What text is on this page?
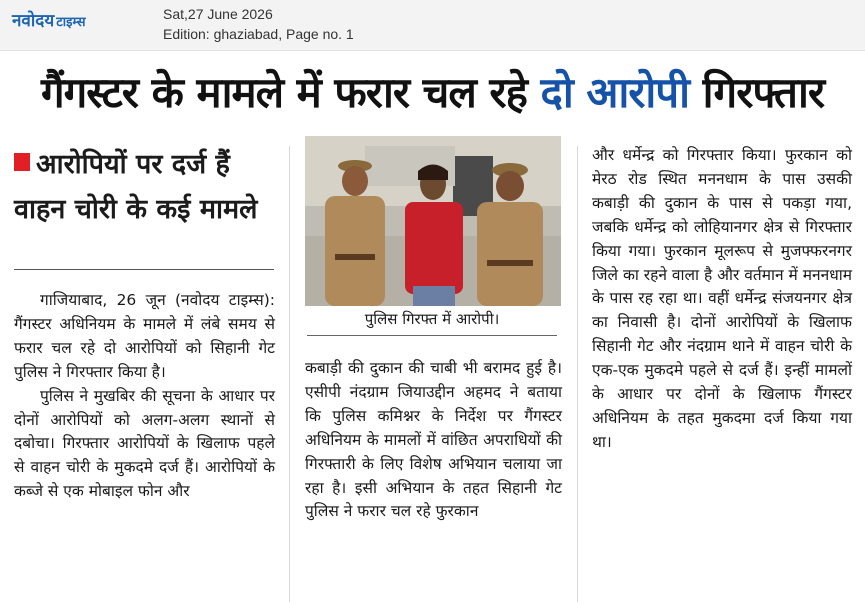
नवोदय टाइम्स
Sat,27 June 2026
Edition: ghaziabad, Page no. 1
गैंगस्टर के मामले में फरार चल रहे दो आरोपी गिरफ्तार
आरोपियों पर दर्ज हैं वाहन चोरी के कई मामले

गाजियाबाद, 26 जून (नवोदय टाइम्स): गैंगस्टर अधिनियम के मामले में लंबे समय से फरार चल रहे दो आरोपियों को सिहानी गेट पुलिस ने गिरफ्तार किया है।

पुलिस ने मुखबिर की सूचना के आधार पर दोनों आरोपियों को अलग-अलग स्थानों से दबोचा। गिरफ्तार आरोपियों के खिलाफ पहले से वाहन चोरी के मुकदमे दर्ज हैं। आरोपियों के कब्जे से एक मोबाइल फोन और

पुलिस गिरफ्त में आरोपी।

कबाड़ी की दुकान की चाबी भी बरामद हुई है। एसीपी नंदग्राम जियाउद्दीन अहमद ने बताया कि पुलिस कमिश्नर के निर्देश पर गैंगस्टर अधिनियम के मामलों में वांछित अपराधियों की गिरफ्तारी के लिए विशेष अभियान चलाया जा रहा है। इसी अभियान के तहत सिहानी गेट पुलिस ने फरार चल रहे फुरकान

और धर्मेन्द्र को गिरफ्तार किया। फुरकान को मेरठ रोड स्थित मननधाम के पास उसकी कबाड़ी की दुकान के पास से पकड़ा गया, जबकि धर्मेन्द्र को लोहियानगर क्षेत्र से गिरफ्तार किया गया। फुरकान मूलरूप से मुजफ्फरनगर जिले का रहने वाला है और वर्तमान में मननधाम के पास रह रहा था। वहीं धर्मेन्द्र संजयनगर क्षेत्र का निवासी है। दोनों आरोपियों के खिलाफ सिहानी गेट और नंदग्राम थाने में वाहन चोरी के एक-एक मुकदमे पहले से दर्ज हैं। इन्हीं मामलों के आधार पर दोनों के खिलाफ गैंगस्टर अधिनियम के तहत मुकदमा दर्ज किया गया था।
